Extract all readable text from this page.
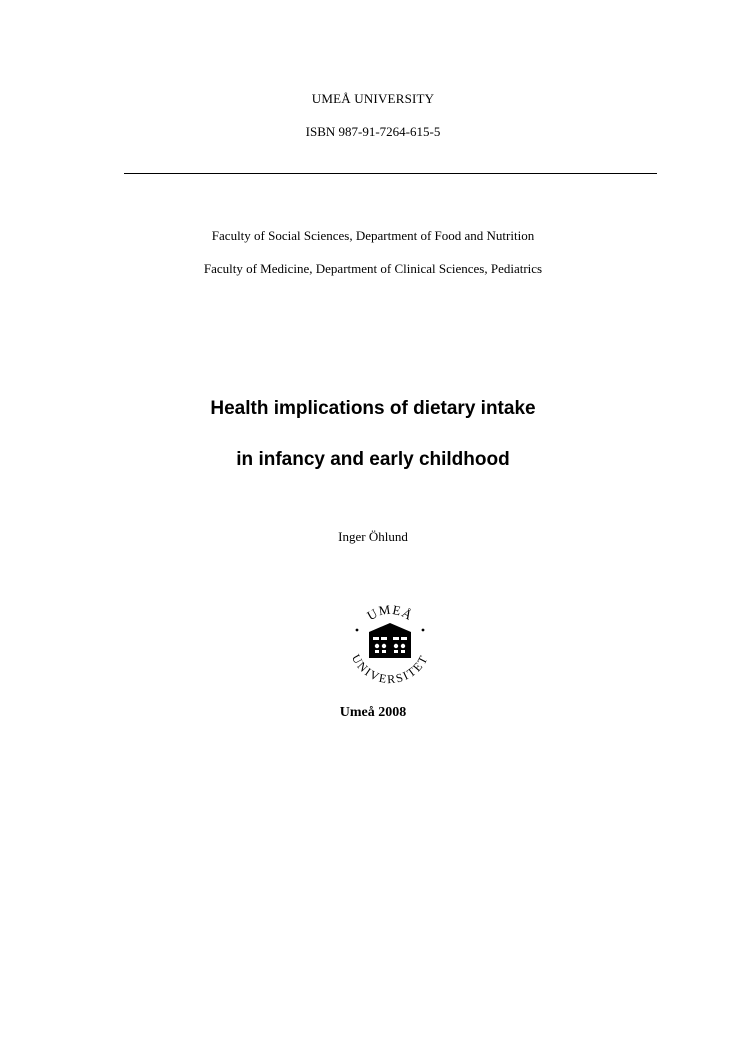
UMEÅ UNIVERSITY
ISBN 987-91-7264-615-5
Faculty of Social Sciences, Department of Food and Nutrition
Faculty of Medicine, Department of Clinical Sciences, Pediatrics
Health implications of dietary intake
in infancy and early childhood
Inger Öhlund
UMEÅ
UNIVERSITET
Umeå 2008
